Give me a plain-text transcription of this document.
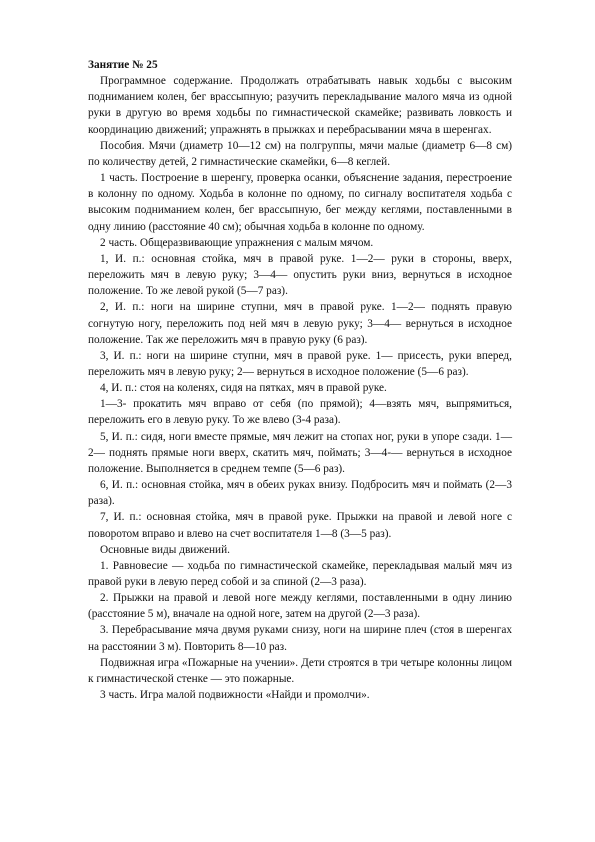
Занятие № 25

Программное содержание. Продолжать отрабатывать навык ходьбы с высоким подниманием колен, бег врассыпную; разучить перекладывание малого мяча из одной руки в другую во время ходьбы по гимнастической скамейке; развивать ловкость и координацию движений; упражнять в прыжках и перебрасывании мяча в шеренгах.

Пособия. Мячи (диаметр 10—12 см) на полгруппы, мячи малые (диаметр 6—8 см) по количеству детей, 2 гимнастические скамейки, 6—8 кеглей.

1 часть. Построение в шеренгу, проверка осанки, объяснение задания, перестроение в колонну по одному. Ходьба в колонне по одному, по сигналу воспитателя ходьба с высоким подниманием колен, бег врассыпную, бег между кеглями, поставленными в одну линию (расстояние 40 см); обычная ходьба в колонне по одному.

2 часть. Общеразвивающие упражнения с малым мячом.

1, И. п.: основная стойка, мяч в правой руке. 1—2— руки в стороны, вверх, переложить мяч в левую руку; 3—4— опустить руки вниз, вернуться в исходное положение. То же левой рукой (5—7 раз).

2, И. п.: ноги на ширине ступни, мяч в правой руке. 1—2— поднять правую согнутую ногу, переложить под ней мяч в левую руку; 3—4— вернуться в исходное положение. Так же переложить мяч в правую руку (6 раз).

3, И. п.: ноги на ширине ступни, мяч в правой руке. 1— присесть, руки вперед, переложить мяч в левую руку; 2— вернуться в исходное положение (5—6 раз).

4, И. п.: стоя на коленях, сидя на пятках, мяч в правой руке.

1—3- прокатить мяч вправо от себя (по прямой); 4—взять мяч, выпрямиться, переложить его в левую руку. То же влево (3-4 раза).

5, И. п.: сидя, ноги вместе прямые, мяч лежит на стопах ног, руки в упоре сзади. 1—2— поднять прямые ноги вверх, скатить мяч, поймать; 3—4-— вернуться в исходное положение. Выполняется в среднем темпе (5—6 раз).

6, И. п.: основная стойка, мяч в обеих руках внизу. Подбросить мяч и поймать (2—3 раза).

7, И. п.: основная стойка, мяч в правой руке. Прыжки на правой и левой ноге с поворотом вправо и влево на счет воспитателя 1—8 (3—5 раз).

Основные виды движений.

1. Равновесие — ходьба по гимнастической скамейке, перекладывая малый мяч из правой руки в левую перед собой и за спиной (2—3 раза).

2. Прыжки на правой и левой ноге между кеглями, поставленными в одну линию (расстояние 5 м), вначале на одной ноге, затем на другой (2—3 раза).

3. Перебрасывание мяча двумя руками снизу, ноги на ширине плеч (стоя в шеренгах на расстоянии 3 м). Повторить 8—10 раз.

Подвижная игра «Пожарные на учении». Дети строятся в три четыре колонны лицом к гимнастической стенке — это пожарные.

3 часть. Игра малой подвижности «Найди и промолчи».
